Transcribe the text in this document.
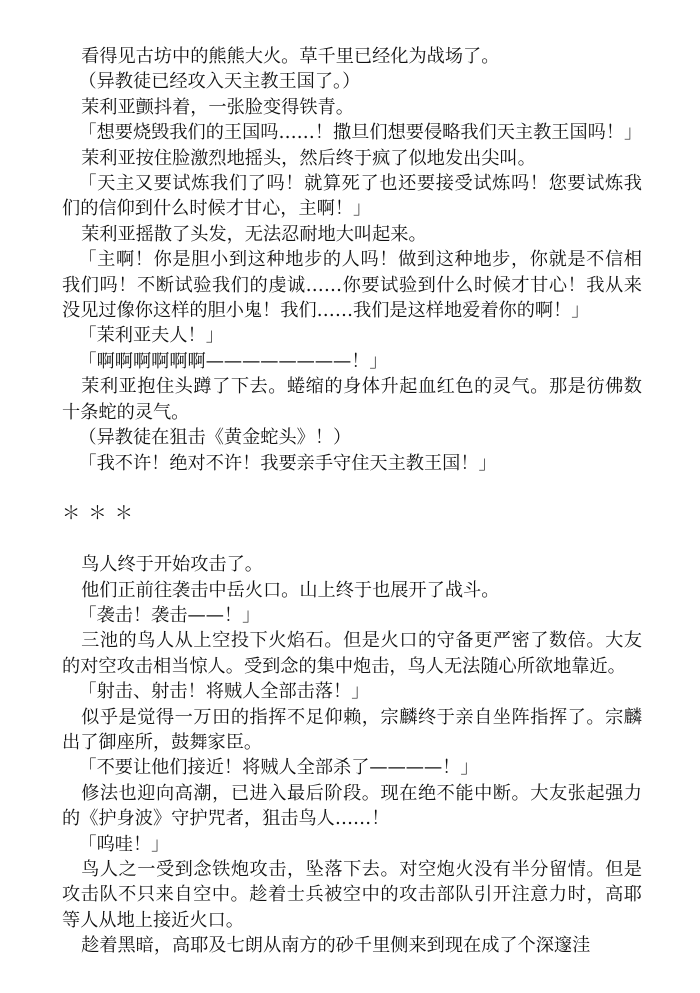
看得见古坊中的熊熊大火。草千里已经化为战场了。

（异教徒已经攻入天主教王国了。）

茉利亚颤抖着，一张脸变得铁青。

「想要烧毁我们的王国吗……！撒旦们想要侵略我们天主教王国吗！」

茉利亚按住脸激烈地摇头，然后终于疯了似地发出尖叫。

「天主又要试炼我们了吗！就算死了也还要接受试炼吗！您要试炼我们的信仰到什么时候才甘心，主啊！」

茉利亚摇散了头发，无法忍耐地大叫起来。

「主啊！你是胆小到这种地步的人吗！做到这种地步，你就是不信相我们吗！不断试验我们的虔诚……你要试验到什么时候才甘心！我从来没见过像你这样的胆小鬼！我们……我们是这样地爱着你的啊！」

「茉利亚夫人！」

「啊啊啊啊啊啊————————！」

茉利亚抱住头蹲了下去。蜷缩的身体升起血红色的灵气。那是彷佛数十条蛇的灵气。

（异教徒在狙击《黄金蛇头》！）

「我不许！绝对不许！我要亲手守住天主教王国！」

＊＊＊

鸟人终于开始攻击了。

他们正前往袭击中岳火口。山上终于也展开了战斗。

「袭击！袭击——！」

三池的鸟人从上空投下火焰石。但是火口的守备更严密了数倍。大友的对空攻击相当惊人。受到念的集中炮击，鸟人无法随心所欲地靠近。

「射击、射击！将贼人全部击落！」

似乎是觉得一万田的指挥不足仰赖，宗麟终于亲自坐阵指挥了。宗麟出了御座所，鼓舞家臣。

「不要让他们接近！将贼人全部杀了————！」

修法也迎向高潮，已进入最后阶段。现在绝不能中断。大友张起强力的《护身波》守护咒者，狙击鸟人……！

「呜哇！」

鸟人之一受到念铁炮攻击，坠落下去。对空炮火没有半分留情。但是攻击队不只来自空中。趁着士兵被空中的攻击部队引开注意力时，高耶等人从地上接近火口。

趁着黑暗，高耶及七朗从南方的砂千里侧来到现在成了个深邃洼
